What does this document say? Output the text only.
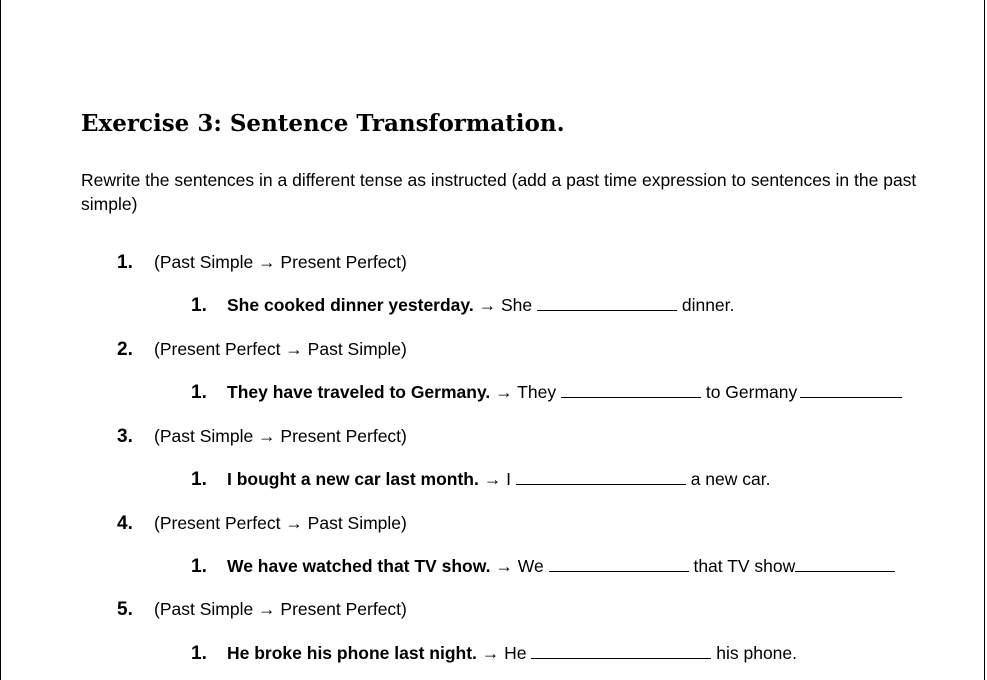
Exercise 3: Sentence Transformation.
Rewrite the sentences in a different tense as instructed (add a past time expression to sentences in the past simple)
1. (Past Simple → Present Perfect)
1. She cooked dinner yesterday. → She	dinner.
2. (Present Perfect → Past Simple)
1. They have traveled to Germany. → They	to Germany
3. (Past Simple → Present Perfect)
1. I bought a new car last month. → I	a new car.
4. (Present Perfect → Past Simple)
1. We have watched that TV show. → We	that TV show
5. (Past Simple → Present Perfect)
1. He broke his phone last night. → He	his phone.
